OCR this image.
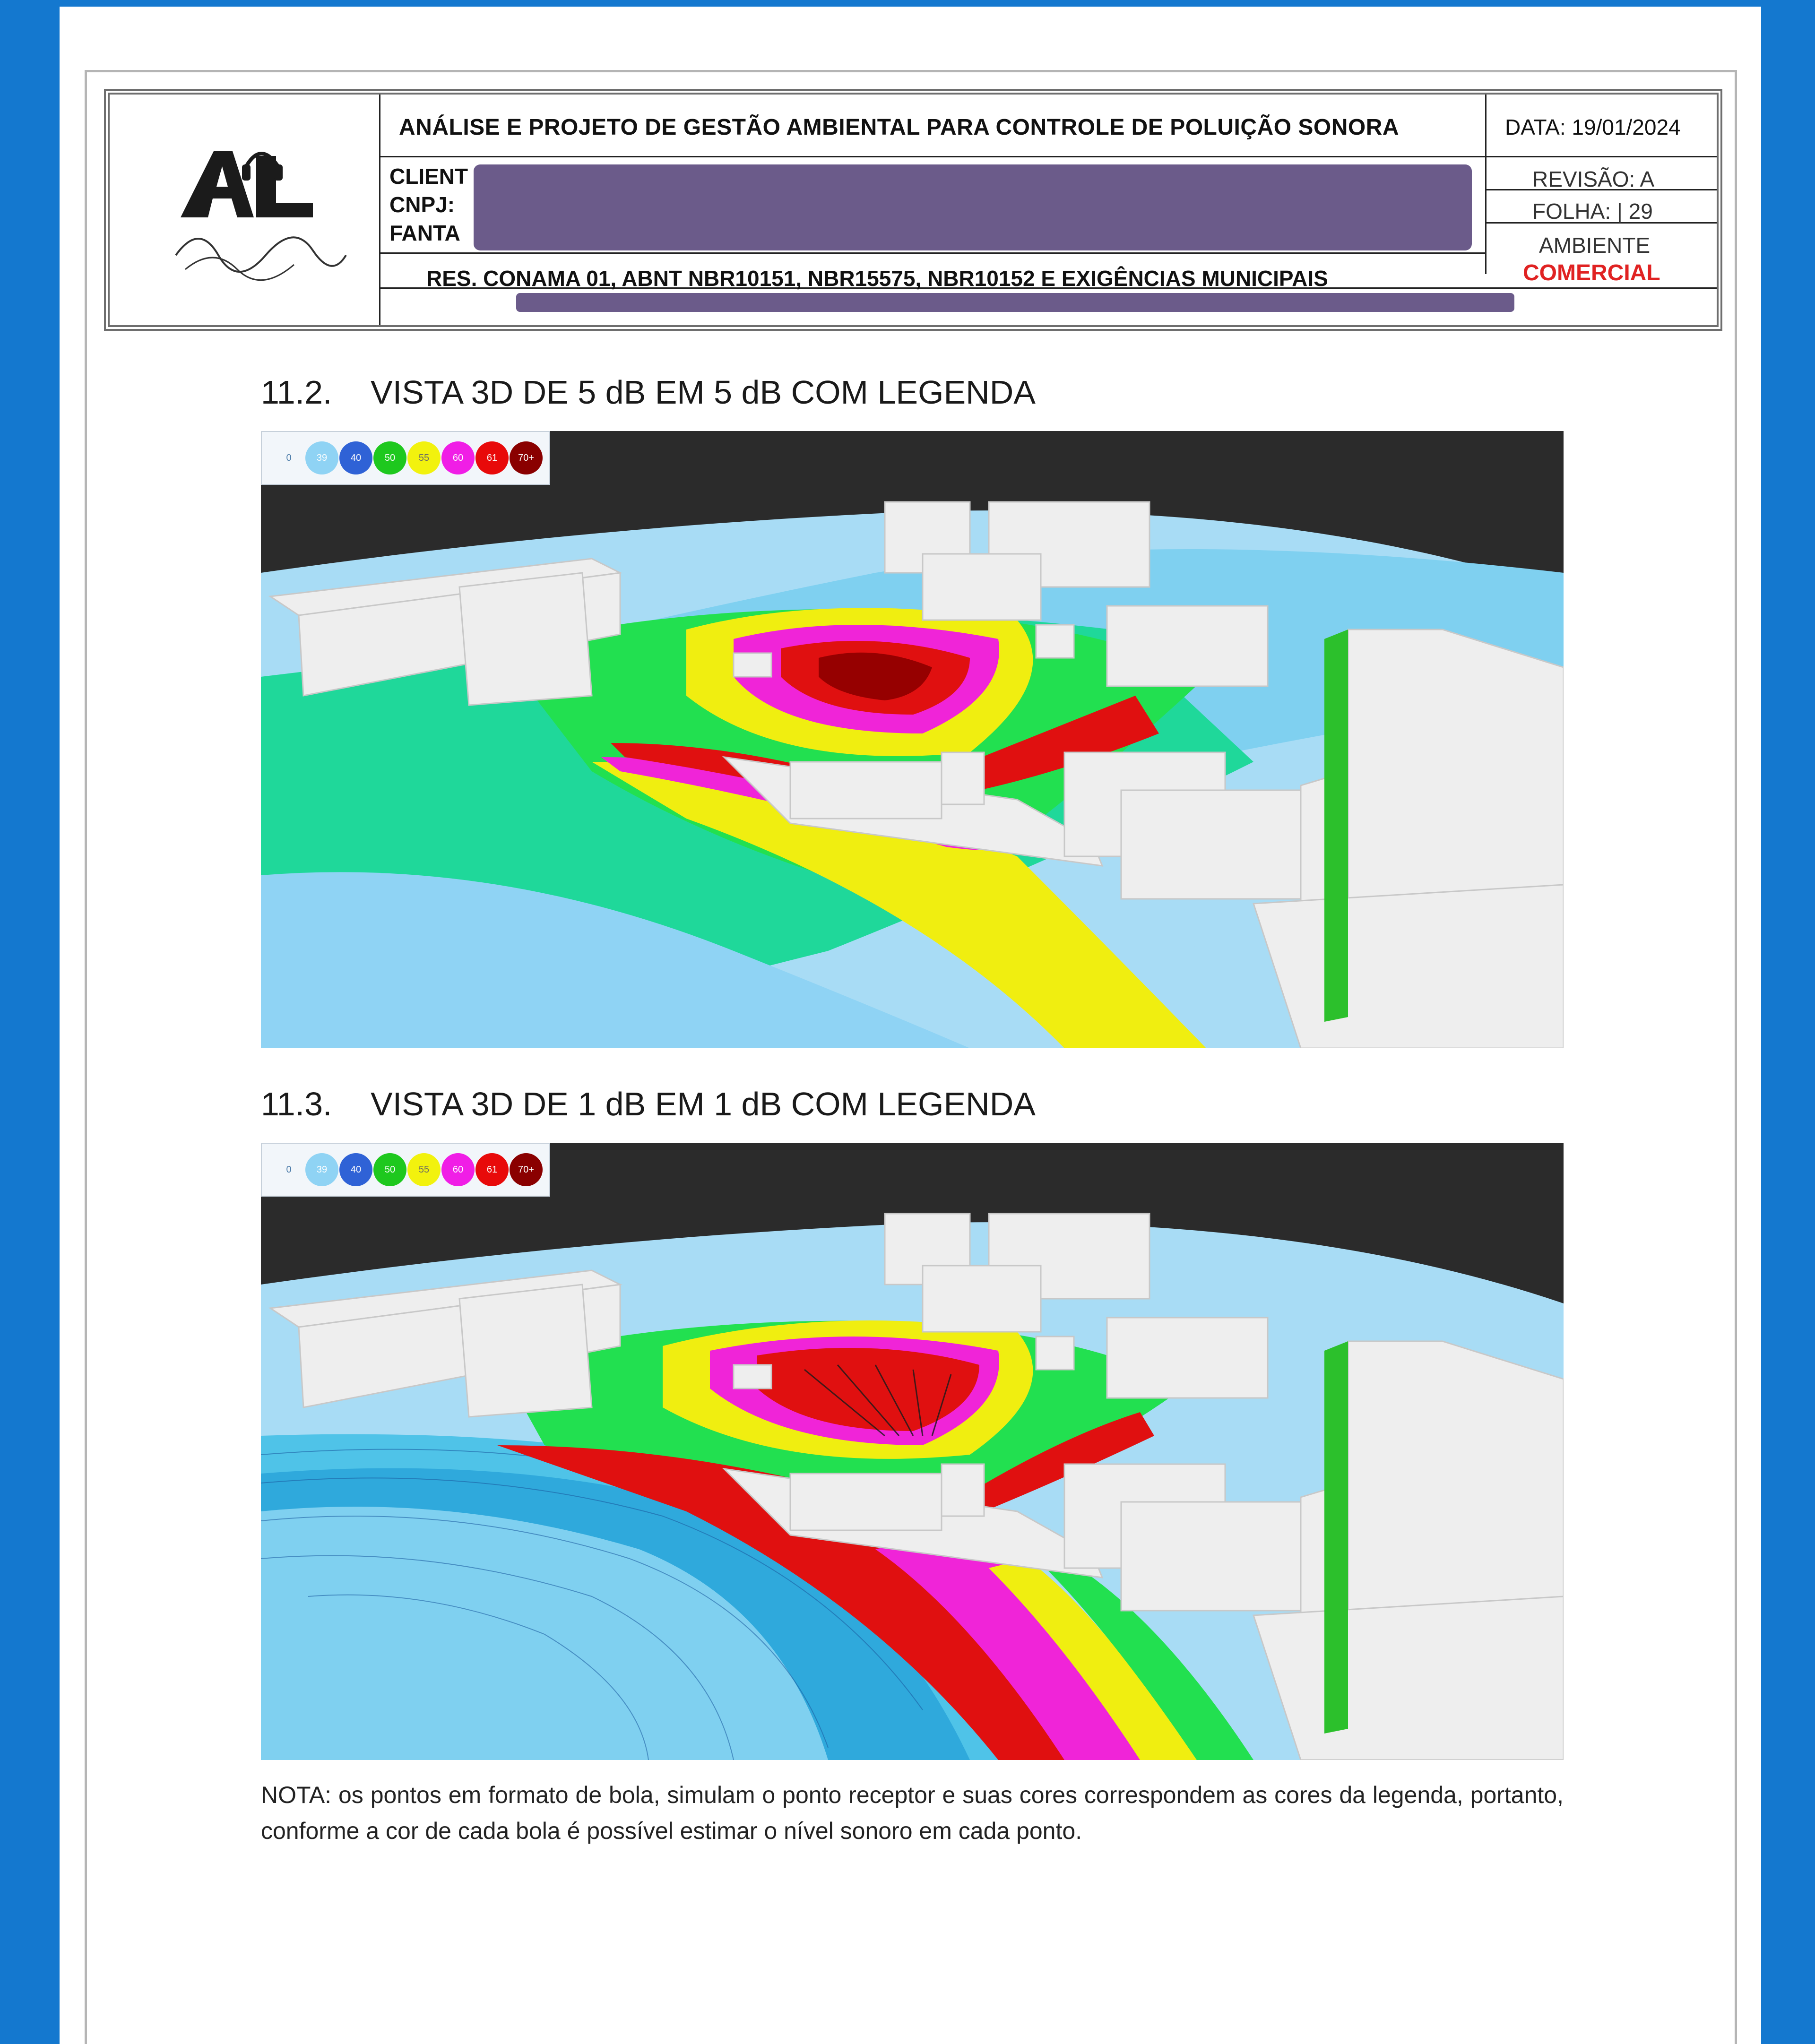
ANÁLISE E PROJETO DE GESTÃO AMBIENTAL PARA CONTROLE DE POLUIÇÃO SONORA	DATA: 19/01/2024
CLIENT
CNPJ:
FANTA
REVISÃO: A
FOLHA: | 29
AMBIENTE
COMERCIAL
RES. CONAMA 01, ABNT NBR10151, NBR15575, NBR10152 E EXIGÊNCIAS MUNICIPAIS
11.2. VISTA 3D DE 5 dB EM 5 dB COM LEGENDA
0	39	40	50	55	60	61	70+
11.3. VISTA 3D DE 1 dB EM 1 dB COM LEGENDA
0	39	40	50	55	60	61	70+
NOTA: os pontos em formato de bola, simulam o ponto receptor e suas cores correspondem as cores da legenda, portanto, conforme a cor de cada bola é possível estimar o nível sonoro em cada ponto.
